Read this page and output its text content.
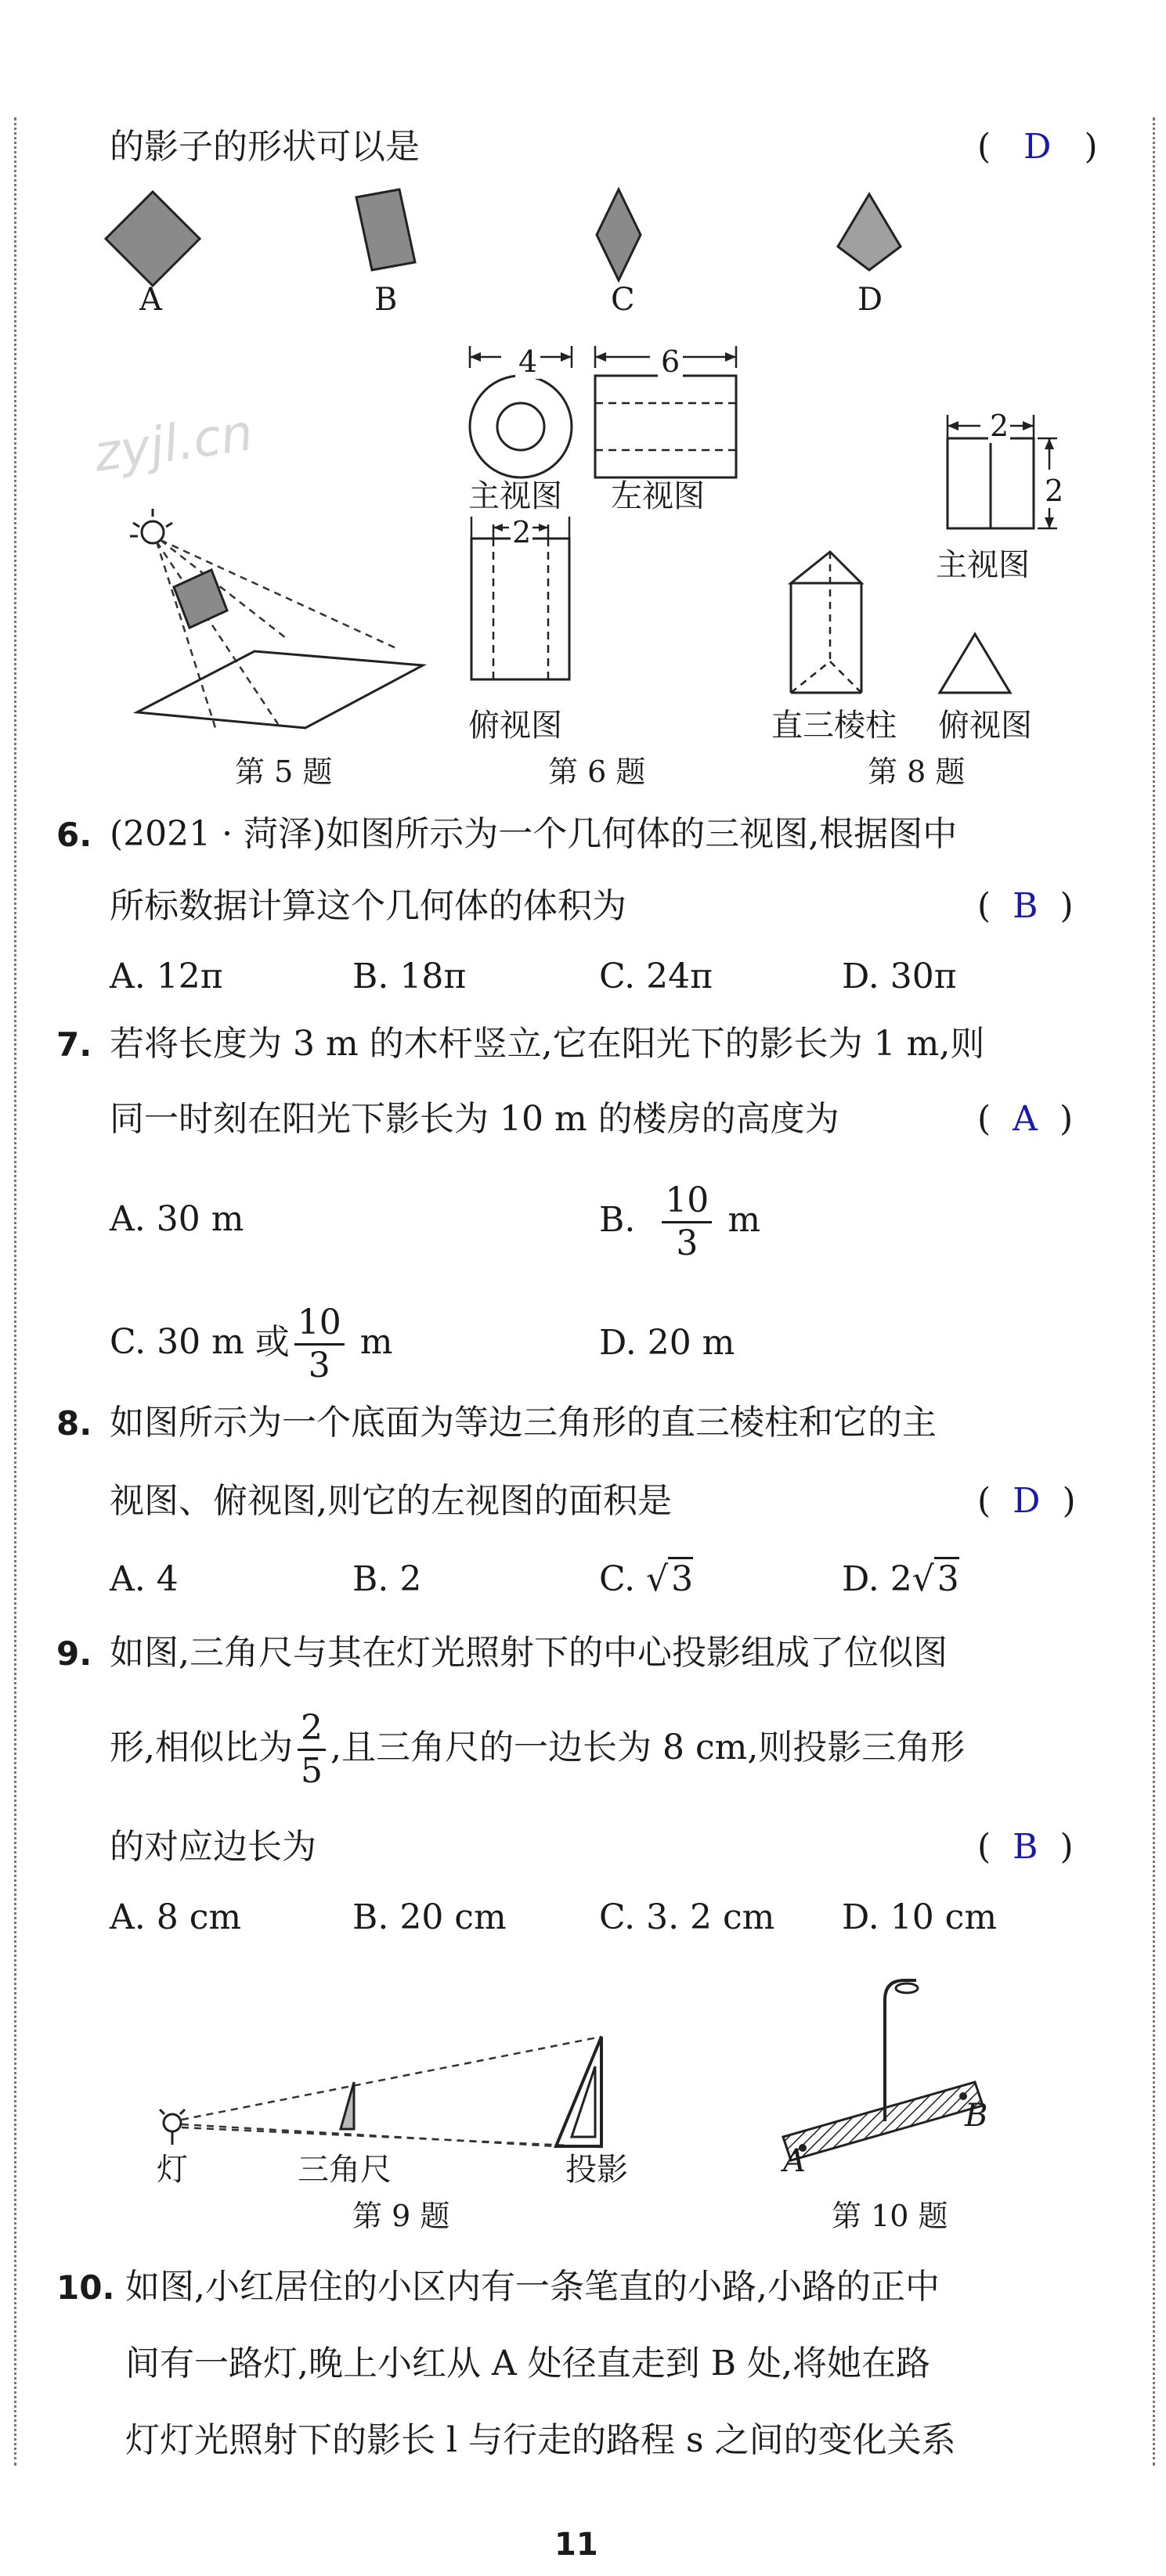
的影子的形状可以是	( D )
A	B	C	D
zyjl.cn
4	6
2
主视图 左视图
俯视图
2
2
主视图
直三棱柱 俯视图
第 5 题	第 6 题	第 8 题
6. (2021 · 菏泽)如图所示为一个几何体的三视图,根据图中
所标数据计算这个几何体的体积为	( B )
A. 12π	B. 18π	C. 24π	D. 30π
7. 若将长度为 3 m 的木杆竖立,它在阳光下的影长为 1 m,则
同一时刻在阳光下影长为 10 m 的楼房的高度为	( A )
A. 30 m	B. $\frac{10}{3}$ m
C. 30 m 或 $\frac{10}{3}$ m	D. 20 m
8. 如图所示为一个底面为等边三角形的直三棱柱和它的主
视图、俯视图,则它的左视图的面积是	( D )
A. 4	B. 2	C. √3	D. 2√3
9. 如图,三角尺与其在灯光照射下的中心投影组成了位似图
形,相似比为 $\frac{2}{5}$ ,且三角尺的一边长为 8 cm,则投影三角形
的对应边长为	( B )
A. 8 cm	B. 20 cm	C. 3. 2 cm D. 10 cm
灯	三角尺	投影
第 9 题
A
B
第 10 题
10. 如图,小红居住的小区内有一条笔直的小路,小路的正中
间有一路灯,晚上小红从 A 处径直走到 B 处,将她在路
灯灯光照射下的影长 l 与行走的路程 s 之间的变化关系
11
